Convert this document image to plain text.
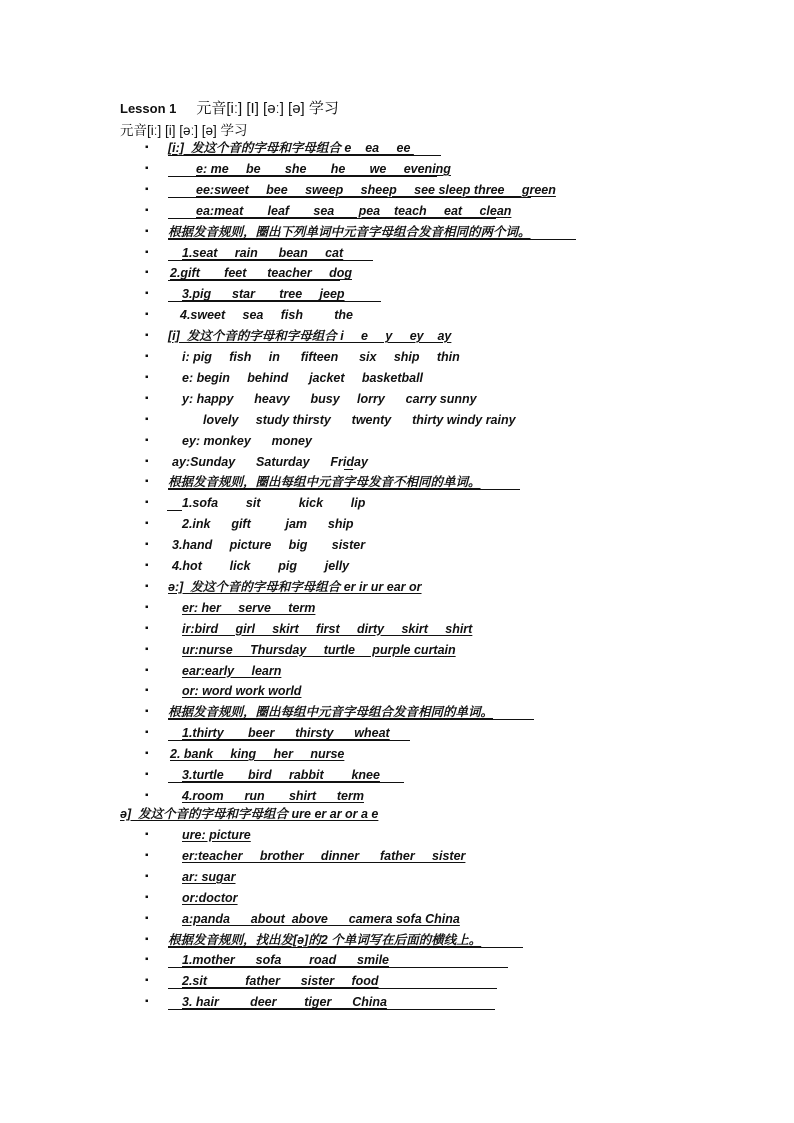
Lesson 1 元音[iː] [I] [əː] [ə] 学习
元音[iː] [i] [əː] [ə] 学习
▪ [i:]  发这个音的字母和字母组合 e    ea     ee
▪	e: me     be       she       he       we     evening
▪	ee:sweet     bee     sweep     sheep     see sleep three     green
▪	ea:meat       leaf       sea       pea    teach     eat     clean
▪ 根据发音规则，圈出下列单词中元音字母组合发音相同的两个词。
▪	1.seat     rain      bean     cat
▪ 2.gift       feet      teacher     dog
▪	3.pig      star       tree     jeep
▪	4.sweet     sea     fish         the
▪ [i]  发这个音的字母和字母组合 i     e     y     ey    ay
▪	i: pig     fish     in      fifteen      six     ship     thin
▪	e: begin     behind      jacket     basketball
▪	y: happy      heavy      busy     lorry      carry sunny
▪	lovely     study thirsty      twenty      thirty windy rainy
▪	ey: monkey      money
▪ ay:Sunday      Saturday      Friday
▪ 根据发音规则，圈出每组中元音字母发音不相同的单词。
▪	1.sofa        sit           kick        lip
▪	2.ink      gift          jam      ship
▪ 3.hand     picture     big       sister
▪ 4.hot        lick        pig        jelly
▪ ə:]  发这个音的字母和字母组合 er ir ur ear or
▪	er: her     serve     term
▪	ir:bird     girl     skirt     first     dirty     skirt     shirt
▪	ur:nurse     Thursday     turtle     purple curtain
▪	ear:early     learn
▪	or: word work world
▪ 根据发音规则，圈出每组中元音字母组合发音相同的单词。
▪	1.thirty       beer      thirsty      wheat
▪ 2. bank     king     her     nurse
▪	3.turtle       bird     rabbit        knee
▪	4.room      run       shirt      term
ə]  发这个音的字母和字母组合 ure er ar or a e
▪	ure: picture
▪	er:teacher     brother     dinner      father     sister
▪	ar: sugar
▪	or:doctor
▪	a:panda      about  above      camera sofa China
▪ 根据发音规则，找出发[ə]的2 个单词写在后面的横线上。
▪	1.mother      sofa        road      smile
▪	2.sit           father      sister     food
▪	3. hair         deer        tiger      China
